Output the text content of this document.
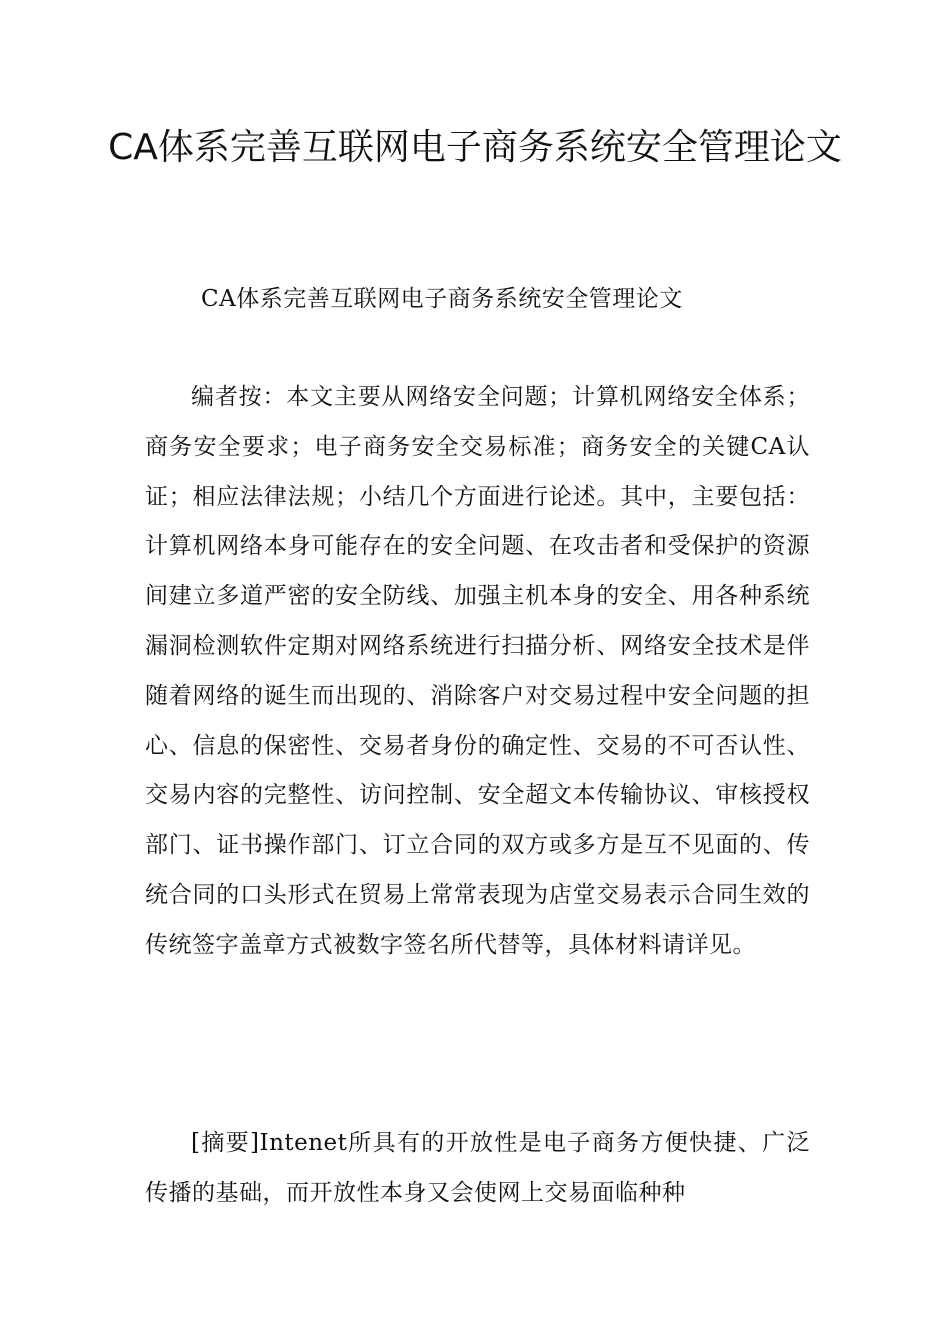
CA体系完善互联网电子商务系统安全管理论文

CA体系完善互联网电子商务系统安全管理论文

编者按：本文主要从网络安全问题；计算机网络安全体系；商务安全要求；电子商务安全交易标准；商务安全的关键CA认证；相应法律法规；小结几个方面进行论述。其中，主要包括：计算机网络本身可能存在的安全问题、在攻击者和受保护的资源间建立多道严密的安全防线、加强主机本身的安全、用各种系统漏洞检测软件定期对网络系统进行扫描分析、网络安全技术是伴随着网络的诞生而出现的、消除客户对交易过程中安全问题的担心、信息的保密性、交易者身份的确定性、交易的不可否认性、交易内容的完整性、访问控制、安全超文本传输协议、审核授权部门、证书操作部门、订立合同的双方或多方是互不见面的、传统合同的口头形式在贸易上常常表现为店堂交易表示合同生效的传统签字盖章方式被数字签名所代替等，具体材料请详见。

[摘要]Intenet所具有的开放性是电子商务方便快捷、广泛传播的基础，而开放性本身又会使网上交易面临种种
